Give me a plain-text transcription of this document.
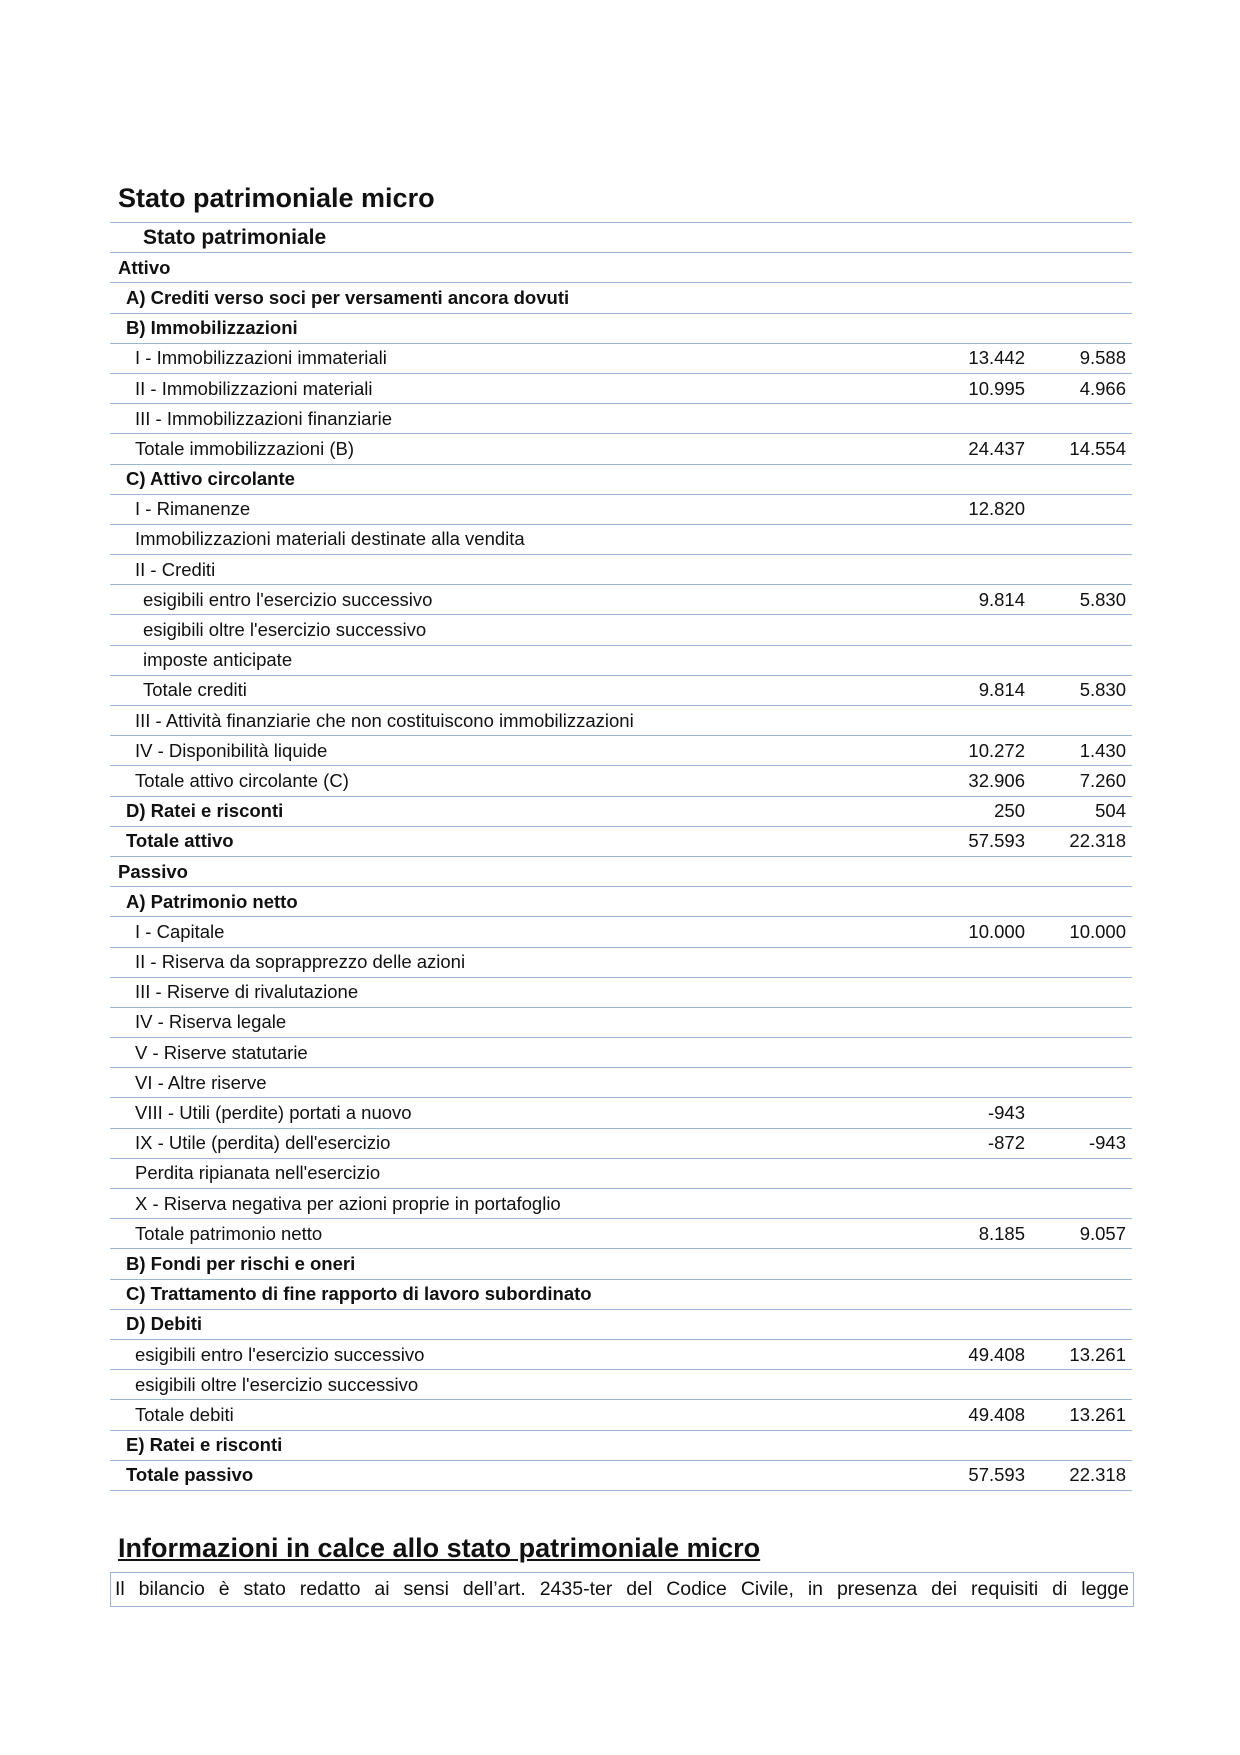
Stato patrimoniale micro
Stato patrimoniale		
Attivo		
A) Crediti verso soci per versamenti ancora dovuti		
B) Immobilizzazioni		
I - Immobilizzazioni immateriali	13.442	9.588
II - Immobilizzazioni materiali	10.995	4.966
III - Immobilizzazioni finanziarie		
Totale immobilizzazioni (B)	24.437	14.554
C) Attivo circolante		
I - Rimanenze	12.820	
Immobilizzazioni materiali destinate alla vendita		
II - Crediti		
esigibili entro l'esercizio successivo	9.814	5.830
esigibili oltre l'esercizio successivo		
imposte anticipate		
Totale crediti	9.814	5.830
III - Attività finanziarie che non costituiscono immobilizzazioni		
IV - Disponibilità liquide	10.272	1.430
Totale attivo circolante (C)	32.906	7.260
D) Ratei e risconti	250	504
Totale attivo	57.593	22.318
Passivo		
A) Patrimonio netto		
I - Capitale	10.000	10.000
II - Riserva da soprapprezzo delle azioni		
III - Riserve di rivalutazione		
IV - Riserva legale		
V - Riserve statutarie		
VI - Altre riserve		
VIII - Utili (perdite) portati a nuovo	-943	
IX - Utile (perdita) dell'esercizio	-872	-943
Perdita ripianata nell'esercizio		
X - Riserva negativa per azioni proprie in portafoglio		
Totale patrimonio netto	8.185	9.057
B) Fondi per rischi e oneri		
C) Trattamento di fine rapporto di lavoro subordinato		
D) Debiti		
esigibili entro l'esercizio successivo	49.408	13.261
esigibili oltre l'esercizio successivo		
Totale debiti	49.408	13.261
E) Ratei e risconti		
Totale passivo	57.593	22.318
Informazioni in calce allo stato patrimoniale micro
Il bilancio è stato redatto ai sensi dell’art. 2435-ter del Codice Civile, in presenza dei requisiti di legge
